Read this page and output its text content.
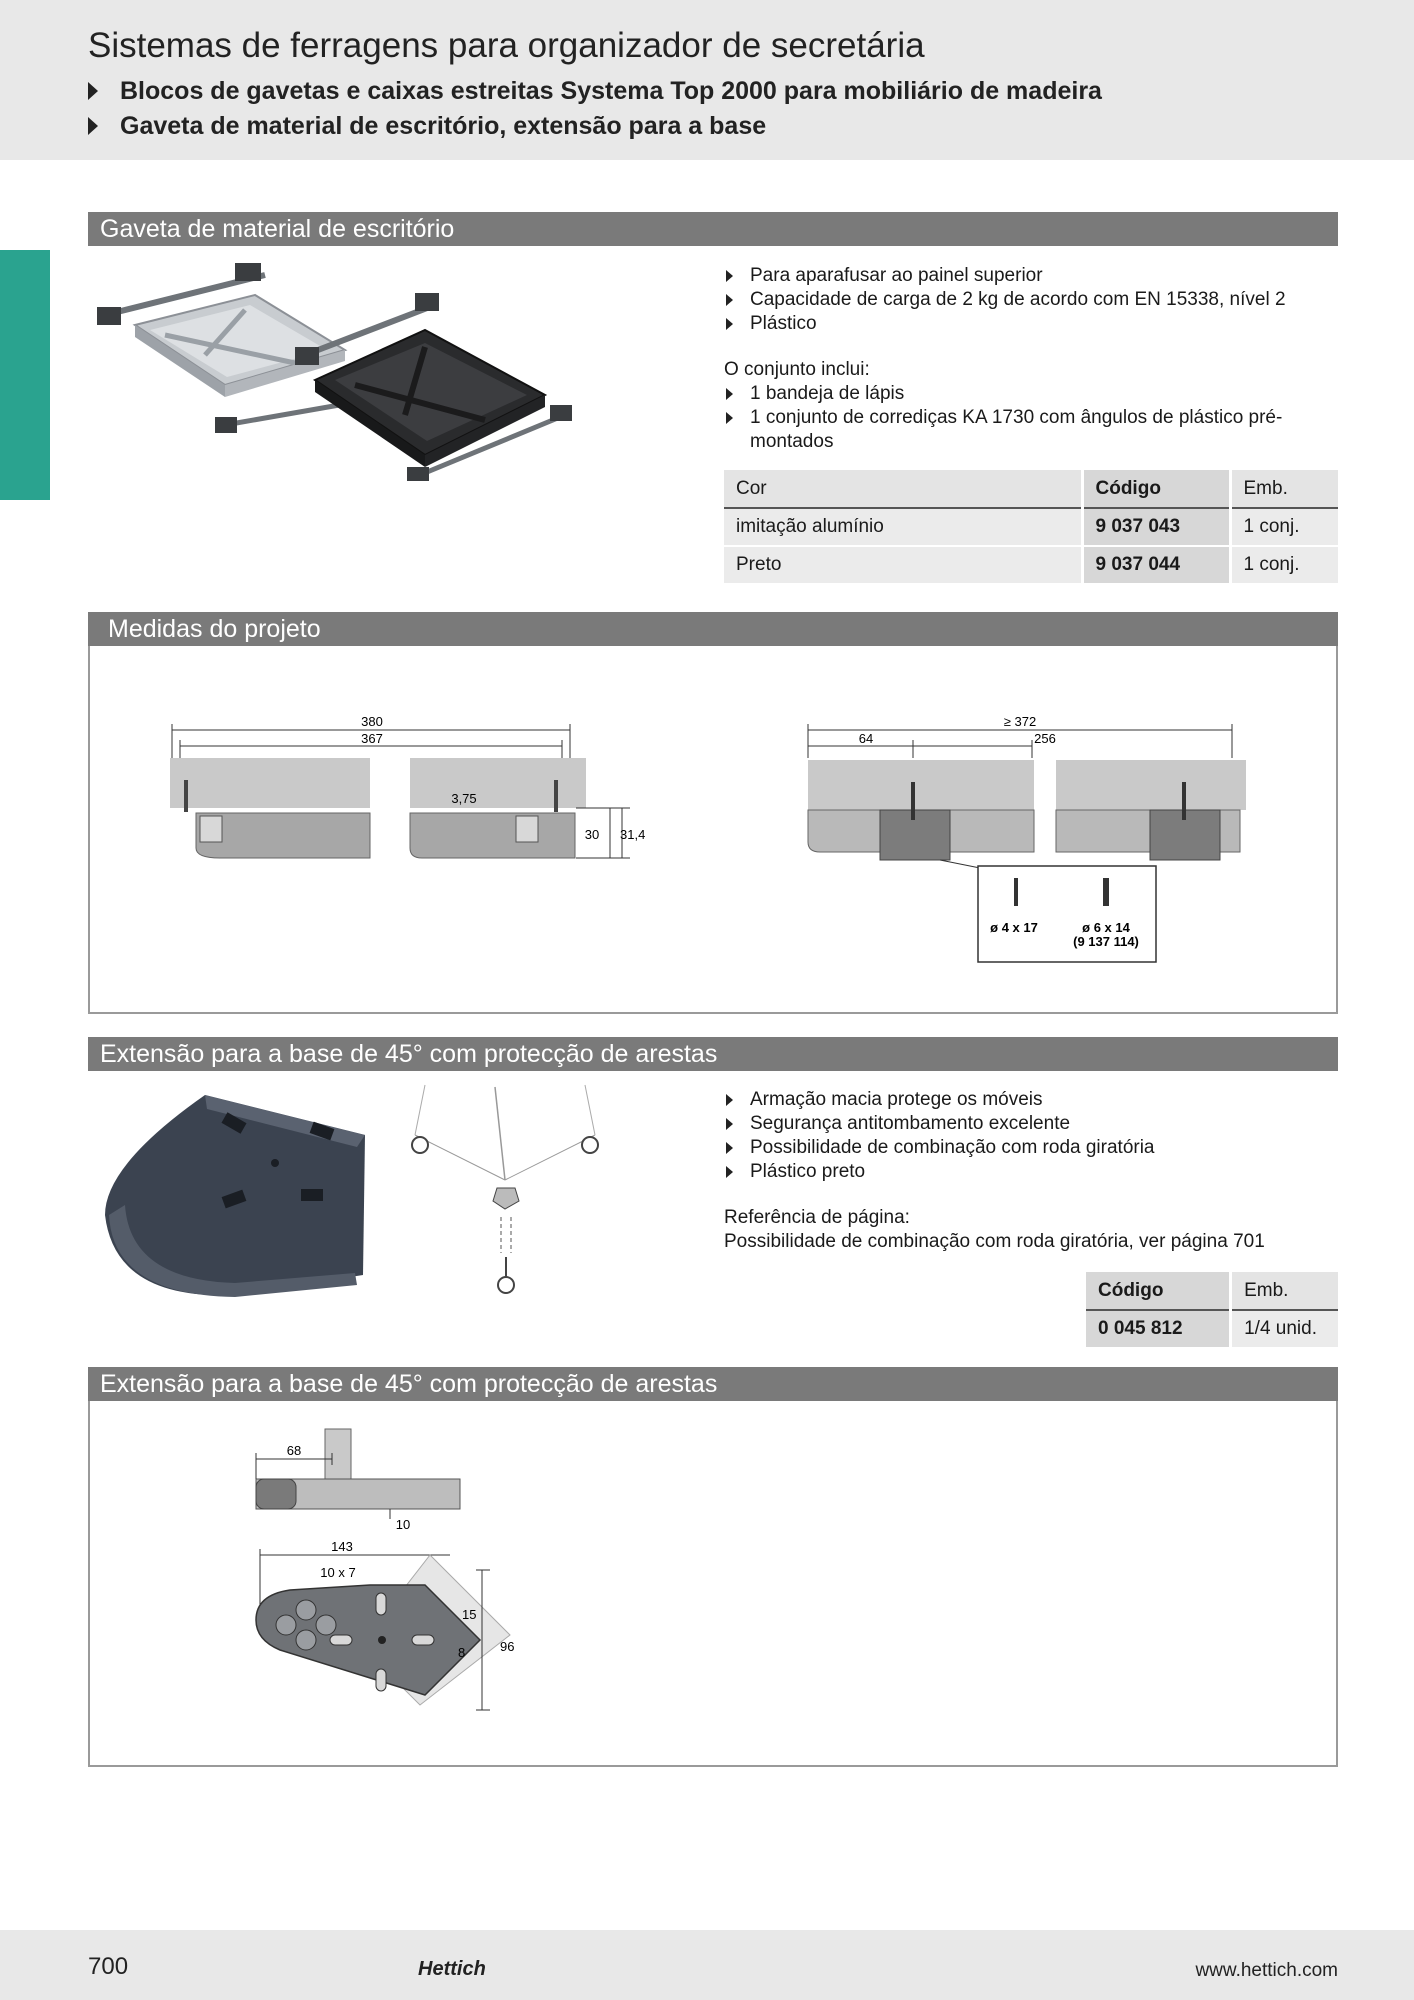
Sistemas de ferragens para organizador de secretária
Blocos de gavetas e caixas estreitas Systema Top 2000 para mobiliário de madeira
Gaveta de material de escritório, extensão para a base
Gaveta de material de escritório
Para aparafusar ao painel superior
Capacidade de carga de 2 kg de acordo com EN 15338, nível 2
Plástico
O conjunto inclui:
1 bandeja de lápis
1 conjunto de corrediças KA 1730 com ângulos de plástico pré-montados
Cor	Código	Emb.
imitação alumínio	9 037 043	1 conj.
Preto	9 037 044	1 conj.
Medidas do projeto
380
367
3,75
30 31,4
≥ 372
64	256
ø 4 x 17	ø 6 x 14
(9 137 114)
Extensão para a base de 45° com protecção de arestas
Armação macia protege os móveis
Segurança antitombamento excelente
Possibilidade de combinação com roda giratória
Plástico preto
Referência de página:
Possibilidade de combinação com roda giratória, ver página 701
Código	Emb.
0 045 812	1/4 unid.
Extensão para a base de 45° com protecção de arestas
68
10
143
10 x 7
96
15
8
700	Hettich	www.hettich.com
